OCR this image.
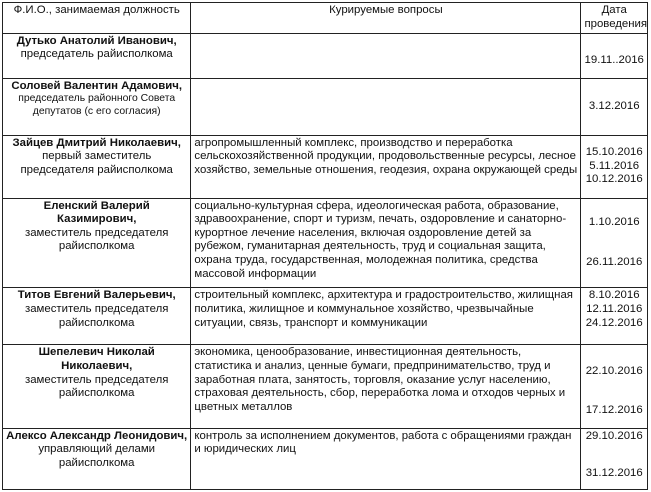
Ф.И.О., занимаемая должность	Курируемые вопросы	Дата проведения

Дутько Анатолий Иванович,
председатель райисполкома		19.11..2016

Соловей Валентин Адамович,
председатель районного Совета депутатов (с его согласия)		3.12.2016

Зайцев Дмитрий Николаевич,
первый заместитель председателя райисполкома	агропромышленный комплекс, производство и переработка сельскохозяйственной продукции, продовольственные ресурсы, лесное хозяйство, земельные отношения, геодезия, охрана окружающей среды	15.10.2016
5.11.2016
10.12.2016

Еленский Валерий Казимирович,
заместитель председателя райисполкома	социально-культурная сфера, идеологическая работа, образование, здравоохранение, спорт и туризм, печать, оздоровление и санаторно-курортное лечение населения, включая оздоровление детей за рубежом, гуманитарная деятельность, труд и социальная защита, охрана труда, государственная, молодежная политика, средства массовой информации	1.10.2016
26.11.2016

Титов Евгений Валерьевич,
заместитель председателя райисполкома	строительный комплекс, архитектура и градостроительство, жилищная политика, жилищное и коммунальное хозяйство, чрезвычайные ситуации, связь, транспорт и коммуникации	8.10.2016
12.11.2016
24.12.2016

Шепелевич Николай Николаевич,
заместитель председателя райисполкома	экономика, ценообразование, инвестиционная деятельность, статистика и анализ, ценные бумаги, предпринимательство, труд и заработная плата, занятость, торговля, оказание услуг населению, страховая деятельность, сбор, переработка лома и отходов черных и цветных металлов	22.10.2016
17.12.2016

Алексо Александр Леонидович,
управляющий делами райисполкома	контроль за исполнением документов, работа с обращениями граждан и юридических лиц	29.10.2016
31.12.2016
